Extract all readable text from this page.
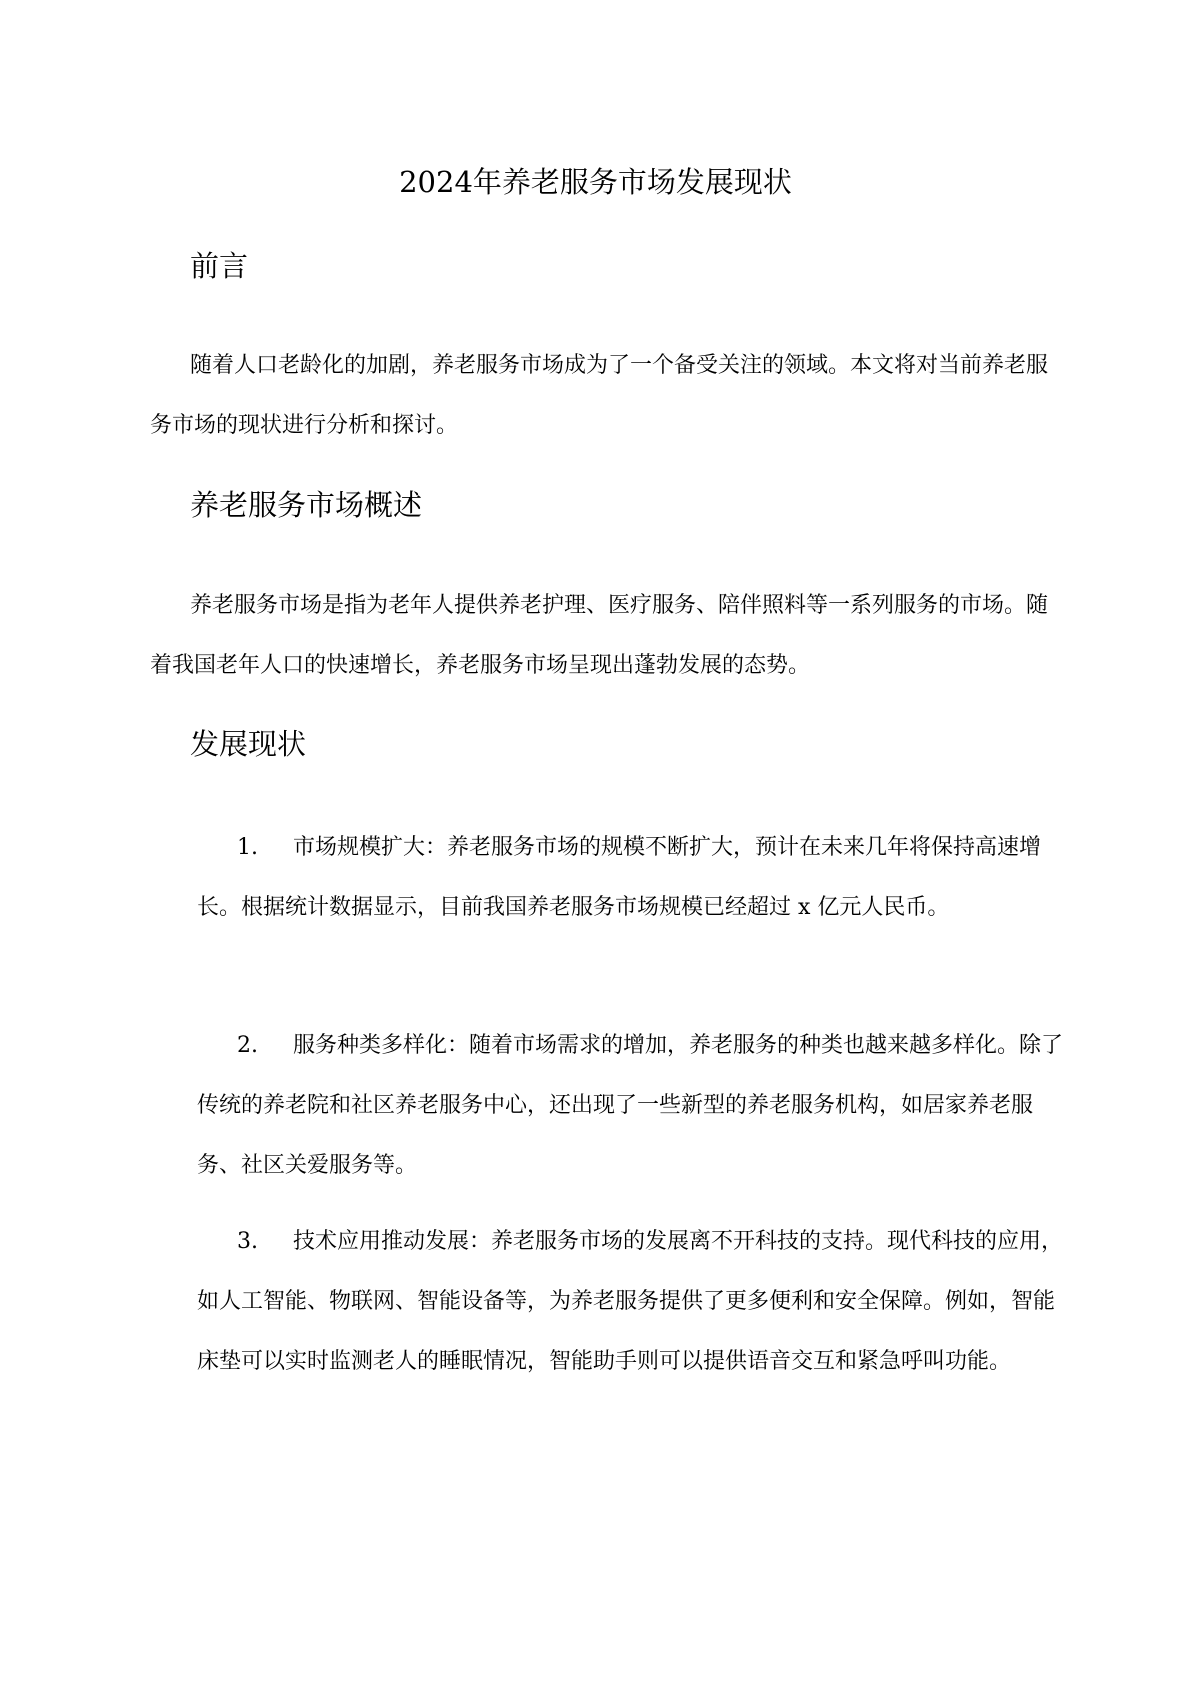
2024年养老服务市场发展现状
前言

随着人口老龄化的加剧，养老服务市场成为了一个备受关注的领域。本文将对当前养老服务市场的现状进行分析和探讨。

养老服务市场概述

养老服务市场是指为老年人提供养老护理、医疗服务、陪伴照料等一系列服务的市场。随着我国老年人口的快速增长，养老服务市场呈现出蓬勃发展的态势。

发展现状
1. 市场规模扩大：养老服务市场的规模不断扩大，预计在未来几年将保持高速增长。根据统计数据显示，目前我国养老服务市场规模已经超过 x 亿元人民币。
2. 服务种类多样化：随着市场需求的增加，养老服务的种类也越来越多样化。除了传统的养老院和社区养老服务中心，还出现了一些新型的养老服务机构，如居家养老服务、社区关爱服务等。
3. 技术应用推动发展：养老服务市场的发展离不开科技的支持。现代科技的应用，如人工智能、物联网、智能设备等，为养老服务提供了更多便利和安全保障。例如，智能床垫可以实时监测老人的睡眠情况，智能助手则可以提供语音交互和紧急呼叫功能。
